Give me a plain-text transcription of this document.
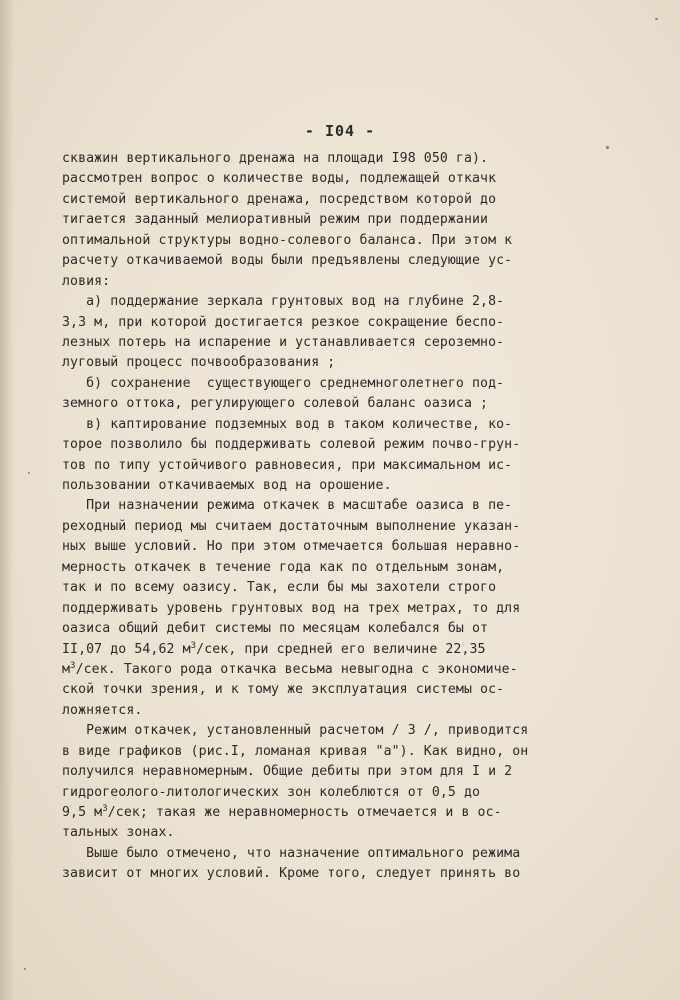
- I04 -
скважин вертикального дренажа на площади I98 050 га).
рассмотрен вопрос о количестве воды, подлежащей откачк
системой вертикального дренажа, посредством которой до
тигается заданный мелиоративный режим при поддержании
оптимальной структуры водно-солевого баланса. При этом к
расчету откачиваемой воды были предъявлены следующие ус-
ловия:
а) поддержание зеркала грунтовых вод на глубине 2,8-
3,3 м, при которой достигается резкое сокращение беспо-
лезных потерь на испарение и устанавливается сероземно-
луговый процесс почвообразования ;
б) сохранение  существующего среднемноголетнего под-
земного оттока, регулирующего солевой баланс оазиса ;
в) каптирование подземных вод в таком количестве, ко-
торое позволило бы поддерживать солевой режим почво-грун-
тов по типу устойчивого равновесия, при максимальном ис-
пользовании откачиваемых вод на орошение.
При назначении режима откачек в масштабе оазиса в пе-
реходный период мы считаем достаточным выполнение указан-
ных выше условий. Но при этом отмечается большая неравно-
мерность откачек в течение года как по отдельным зонам,
так и по всему оазису. Так, если бы мы захотели строго
поддерживать уровень грунтовых вод на трех метрах, то для
оазиса общий дебит системы по месяцам колебался бы от
II,07 до 54,62 $м^3$/сек, при средней его величине 22,35
$м^3$/сек. Такого рода откачка весьма невыгодна с экономиче-
ской точки зрения, и к тому же эксплуатация системы ос-
ложняется.
Режим откачек, установленный расчетом / 3 /, приводится
в виде графиков (рис.I, ломаная кривая "а"). Как видно, он
получился неравномерным. Общие дебиты при этом для I и 2
гидрогеолого-литологических зон колеблются от 0,5 до
9,5 $м^3$/сек; такая же неравномерность отмечается и в ос-
тальных зонах.
Выше было отмечено, что назначение оптимального режима
зависит от многих условий. Кроме того, следует принять во
